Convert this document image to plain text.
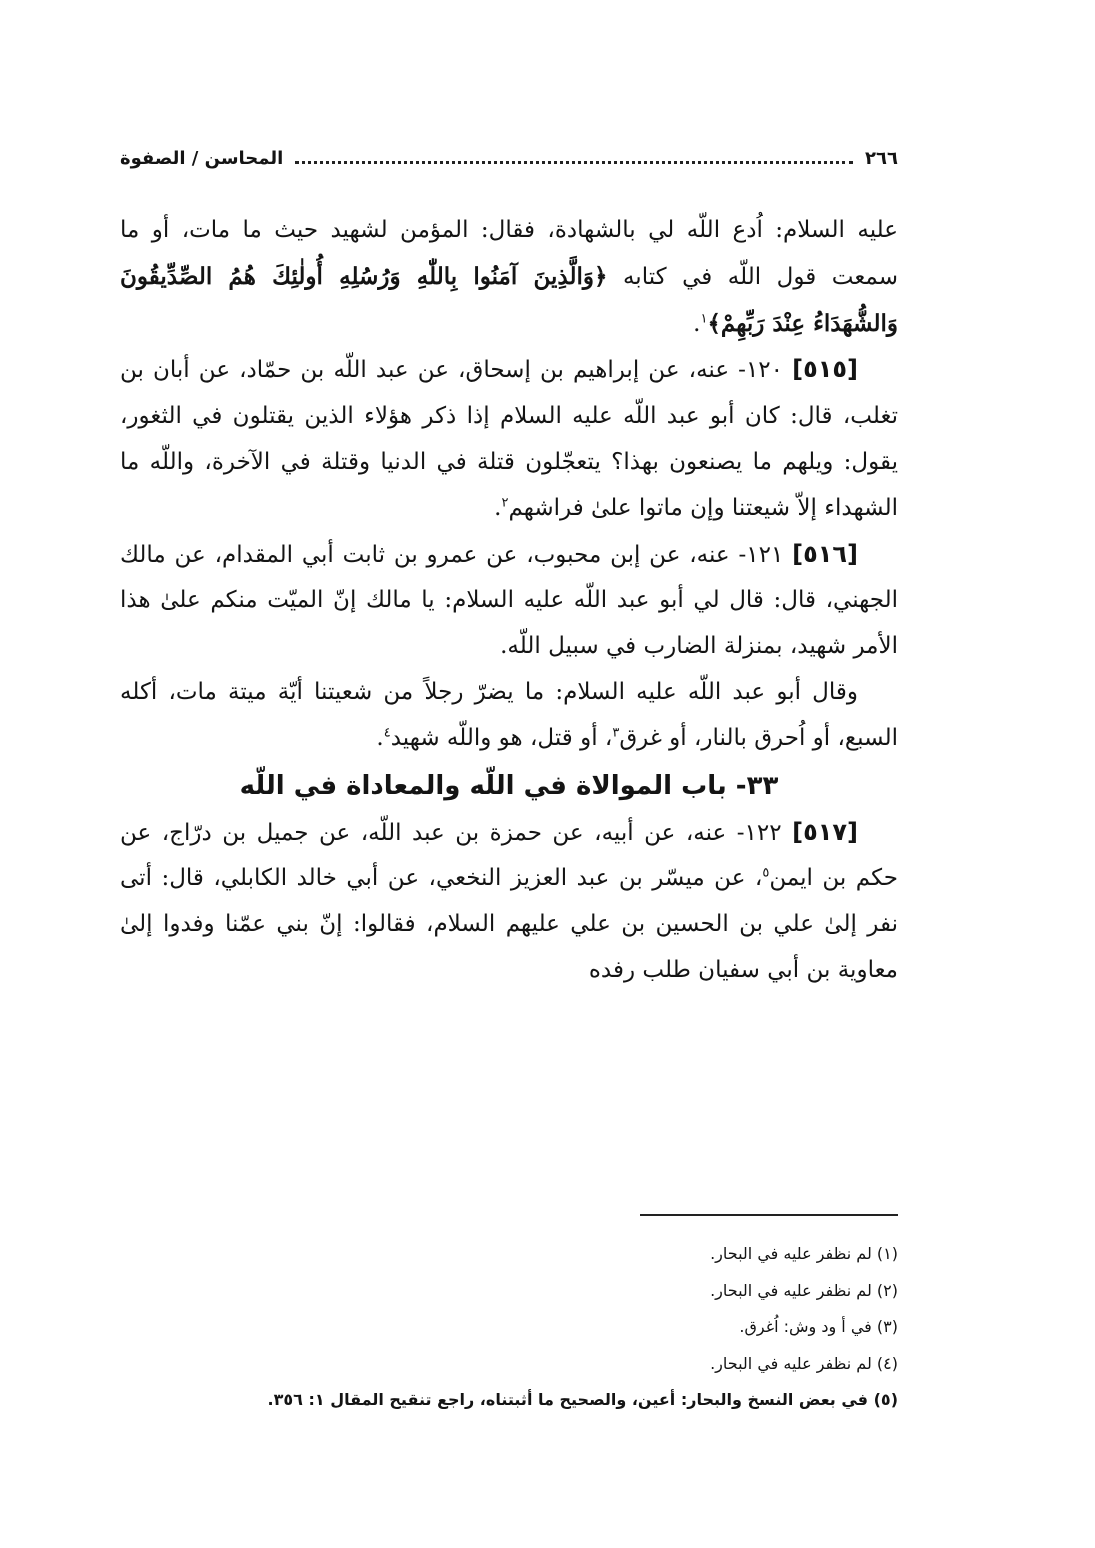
٢٦٦
المحاسن / الصفوة

عليه السلام: اُدع اللّه لي بالشهادة، فقال: المؤمن لشهيد حيث ما مات، أو ما سمعت قول اللّه في كتابه ﴿وَالَّذِينَ آمَنُوا بِاللّٰهِ وَرُسُلِهِ أُولٰئِكَ هُمُ الصِّدِّيقُونَ وَالشُّهَدَاءُ عِنْدَ رَبِّهِمْ﴾$^١$.

[٥١٥] ١٢٠- عنه، عن إبراهيم بن إسحاق، عن عبد اللّه بن حمّاد، عن أبان بن تغلب، قال: كان أبو عبد اللّه عليه السلام إذا ذكر هؤلاء الذين يقتلون في الثغور، يقول: ويلهم ما يصنعون بهذا؟ يتعجّلون قتلة في الدنيا وقتلة في الآخرة، واللّه ما الشهداء إلاّ شيعتنا وإن ماتوا علىٰ فراشهم$^٢$.

[٥١٦] ١٢١- عنه، عن إبن محبوب، عن عمرو بن ثابت أبي المقدام، عن مالك الجهني، قال: قال لي أبو عبد اللّه عليه السلام: يا مالك إنّ الميّت منكم علىٰ هذا الأمر شهيد، بمنزلة الضارب في سبيل اللّه.

وقال أبو عبد اللّه عليه السلام: ما يضرّ رجلاً من شعيتنا أيّة ميتة مات، أكله السبع، أو اُحرق بالنار، أو غرق$^٣$، أو قتل، هو واللّه شهيد$^٤$.

٣٣- باب الموالاة في اللّه والمعاداة في اللّه

[٥١٧] ١٢٢- عنه، عن أبيه، عن حمزة بن عبد اللّه، عن جميل بن درّاج، عن حكم بن ايمن$^٥$، عن ميسّر بن عبد العزيز النخعي، عن أبي خالد الكابلي، قال: أتى نفر إلىٰ علي بن الحسين بن علي عليهم السلام، فقالوا: إنّ بني عمّنا وفدوا إلىٰ معاوية بن أبي سفيان طلب رفده

(١) لم نظفر عليه في البحار.
(٢) لم نظفر عليه في البحار.
(٣) في أ ود وش: اُغرق.
(٤) لم نظفر عليه في البحار.
(٥) في بعض النسخ والبحار: أعين، والصحيح ما أثبتناه، راجع تنقيح المقال ١: ٣٥٦.
